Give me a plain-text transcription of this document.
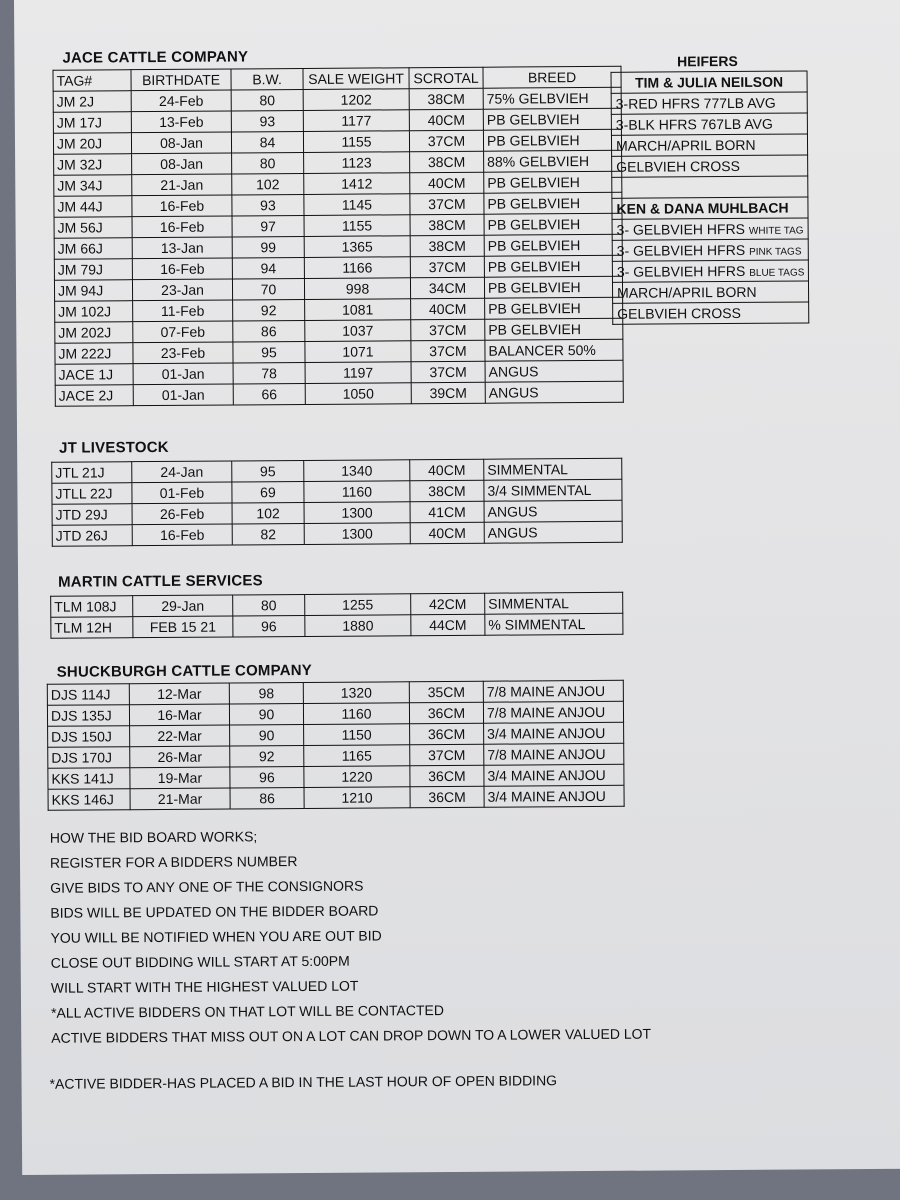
JACE CATTLE COMPANY
TAG#	BIRTHDATE	B.W.	SALE WEIGHT	SCROTAL	BREED
JM 2J	24-Feb	80	1202	38CM	75% GELBVIEH
JM 17J	13-Feb	93	1177	40CM	PB GELBVIEH
JM 20J	08-Jan	84	1155	37CM	PB GELBVIEH
JM 32J	08-Jan	80	1123	38CM	88% GELBVIEH
JM 34J	21-Jan	102	1412	40CM	PB GELBVIEH
JM 44J	16-Feb	93	1145	37CM	PB GELBVIEH
JM 56J	16-Feb	97	1155	38CM	PB GELBVIEH
JM 66J	13-Jan	99	1365	38CM	PB GELBVIEH
JM 79J	16-Feb	94	1166	37CM	PB GELBVIEH
JM 94J	23-Jan	70	998	34CM	PB GELBVIEH
JM 102J	11-Feb	92	1081	40CM	PB GELBVIEH
JM 202J	07-Feb	86	1037	37CM	PB GELBVIEH
JM 222J	23-Feb	95	1071	37CM	BALANCER 50%
JACE 1J	01-Jan	78	1197	37CM	ANGUS
JACE 2J	01-Jan	66	1050	39CM	ANGUS
HEIFERS
TIM & JULIA NEILSON
3-RED HFRS 777LB AVG
3-BLK HFRS 767LB AVG
MARCH/APRIL BORN
GELBVIEH CROSS

KEN & DANA MUHLBACH
3- GELBVIEH HFRS WHITE TAG
3- GELBVIEH HFRS PINK TAGS
3- GELBVIEH HFRS BLUE TAGS
MARCH/APRIL BORN
GELBVIEH CROSS
JT LIVESTOCK
JTL 21J	24-Jan	95	1340	40CM	SIMMENTAL
JTLL 22J	01-Feb	69	1160	38CM	3/4 SIMMENTAL
JTD 29J	26-Feb	102	1300	41CM	ANGUS
JTD 26J	16-Feb	82	1300	40CM	ANGUS
MARTIN CATTLE SERVICES
TLM 108J	29-Jan	80	1255	42CM	SIMMENTAL
TLM 12H	FEB 15 21	96	1880	44CM	% SIMMENTAL
SHUCKBURGH CATTLE COMPANY
DJS 114J	12-Mar	98	1320	35CM	7/8 MAINE ANJOU
DJS 135J	16-Mar	90	1160	36CM	7/8 MAINE ANJOU
DJS 150J	22-Mar	90	1150	36CM	3/4 MAINE ANJOU
DJS 170J	26-Mar	92	1165	37CM	7/8 MAINE ANJOU
KKS 141J	19-Mar	96	1220	36CM	3/4 MAINE ANJOU
KKS 146J	21-Mar	86	1210	36CM	3/4 MAINE ANJOU
HOW THE BID BOARD WORKS;
REGISTER FOR A BIDDERS NUMBER
GIVE BIDS TO ANY ONE OF THE CONSIGNORS
BIDS WILL BE UPDATED ON THE BIDDER BOARD
YOU WILL BE NOTIFIED WHEN YOU ARE OUT BID
CLOSE OUT BIDDING WILL START AT 5:00PM
WILL START WITH THE HIGHEST VALUED LOT
*ALL ACTIVE BIDDERS ON THAT LOT WILL BE CONTACTED
ACTIVE BIDDERS THAT MISS OUT ON A LOT CAN DROP DOWN TO A LOWER VALUED LOT
*ACTIVE BIDDER-HAS PLACED A BID IN THE LAST HOUR OF OPEN BIDDING
